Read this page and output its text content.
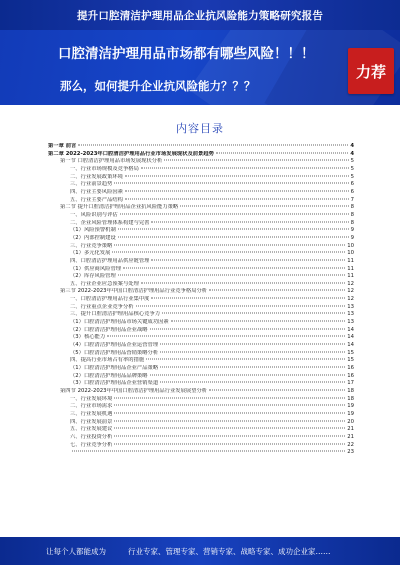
提升口腔清洁护理用品企业抗风险能力策略研究报告
口腔清洁护理用品市场都有哪些风险！！！
那么，如何提升企业抗风险能力？？？
力荐
内容目录
第一章 前言	4
第二章 2022-2023年口腔清洁护理用品行业市场发展现状及前景趋势	4
第一节 口腔清洁护理用品市场发展现状分析	5
一、行业市场规模及竞争格局	5
二、行业发展政策环境	5
三、行业前景趋势	6
四、行业主要风险因素	6
五、行业主要产品结构	7
第二节 提升口腔清洁护理用品企业抗风险能力策略	8
一、风险识别与评估	8
二、企业风险管理体系构建与完善	8
（1）风险预警机制	9
（2）内部控制建设	9
三、行业竞争策略	10
（1）多元化发展	10
四、口腔清洁护理用品供应链管理	11
（1）供应商风险管理	11
（2）库存风险管理	11
五、行业企业应急预案与处理	12
第三节 2022-2023年中国口腔清洁护理用品行业竞争格局分析	12
一、口腔清洁护理用品行业集中度	12
二、行业重点企业竞争分析	13
三、提升口腔清洁护理用品核心竞争力	13
（1）口腔清洁护理用品市场关键成功因素	13
（2）口腔清洁护理用品企业战略	14
（3）核心能力	14
（4）口腔清洁护理用品企业运营管理	14
（5）口腔清洁护理用品营销策略分析	15
四、提高行业市场占有率的措施	15
（1）口腔清洁护理用品企业产品策略	16
（2）口腔清洁护理用品品牌策略	16
（3）口腔清洁护理用品企业营销渠道	17
第四节 2022-2023年中国口腔清洁护理用品行业发展展望分析	18
一、行业发展环境	18
二、行业市场需求	19
三、行业发展机遇	19
四、行业发展前景	20
五、行业发展建议	21
六、行业投资分析	21
七、行业竞争分析	22
23
让每个人都能成为	行业专家、管理专家、营销专家、战略专家、成功企业家……
